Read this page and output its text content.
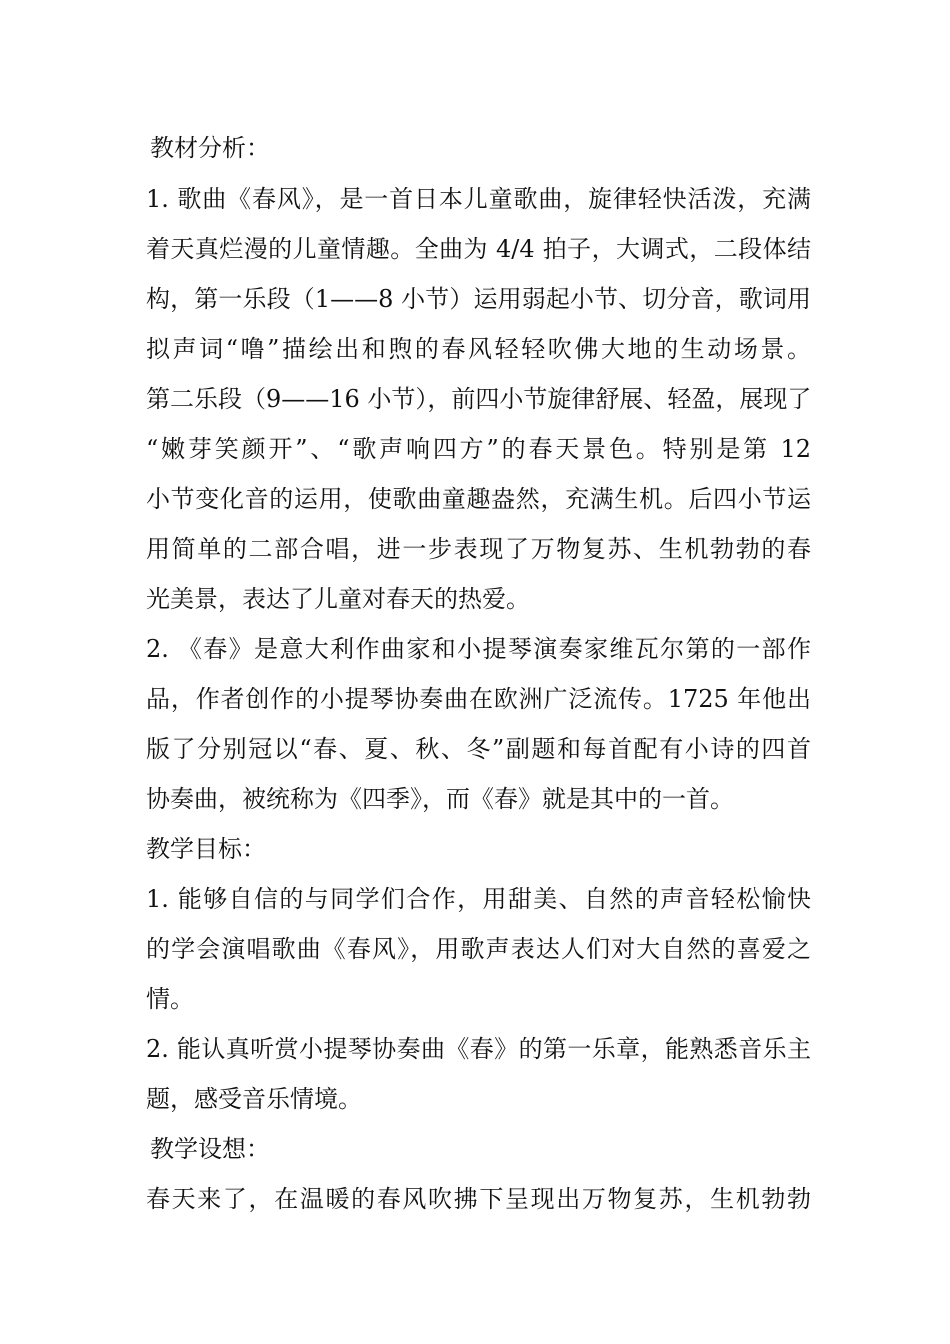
教材分析：
1. 歌曲《春风》，是一首日本儿童歌曲，旋律轻快活泼，充满
着天真烂漫的儿童情趣。全曲为 4/4 拍子，大调式，二段体结
构，第一乐段（1——8 小节）运用弱起小节、切分音，歌词用
拟声词“噜”描绘出和煦的春风轻轻吹佛大地的生动场景。
第二乐段（9——16 小节），前四小节旋律舒展、轻盈，展现了
“嫩芽笑颜开”、“歌声响四方”的春天景色。特别是第 12
小节变化音的运用，使歌曲童趣盎然，充满生机。后四小节运
用简单的二部合唱，进一步表现了万物复苏、生机勃勃的春
光美景，表达了儿童对春天的热爱。
2. 《春》是意大利作曲家和小提琴演奏家维瓦尔第的一部作
品，作者创作的小提琴协奏曲在欧洲广泛流传。1725 年他出
版了分别冠以“春、夏、秋、冬”副题和每首配有小诗的四首
协奏曲，被统称为《四季》，而《春》就是其中的一首。
教学目标：
1. 能够自信的与同学们合作，用甜美、自然的声音轻松愉快
的学会演唱歌曲《春风》，用歌声表达人们对大自然的喜爱之
情。
2. 能认真听赏小提琴协奏曲《春》的第一乐章，能熟悉音乐主
题，感受音乐情境。
教学设想：
春天来了，在温暖的春风吹拂下呈现出万物复苏，生机勃勃
